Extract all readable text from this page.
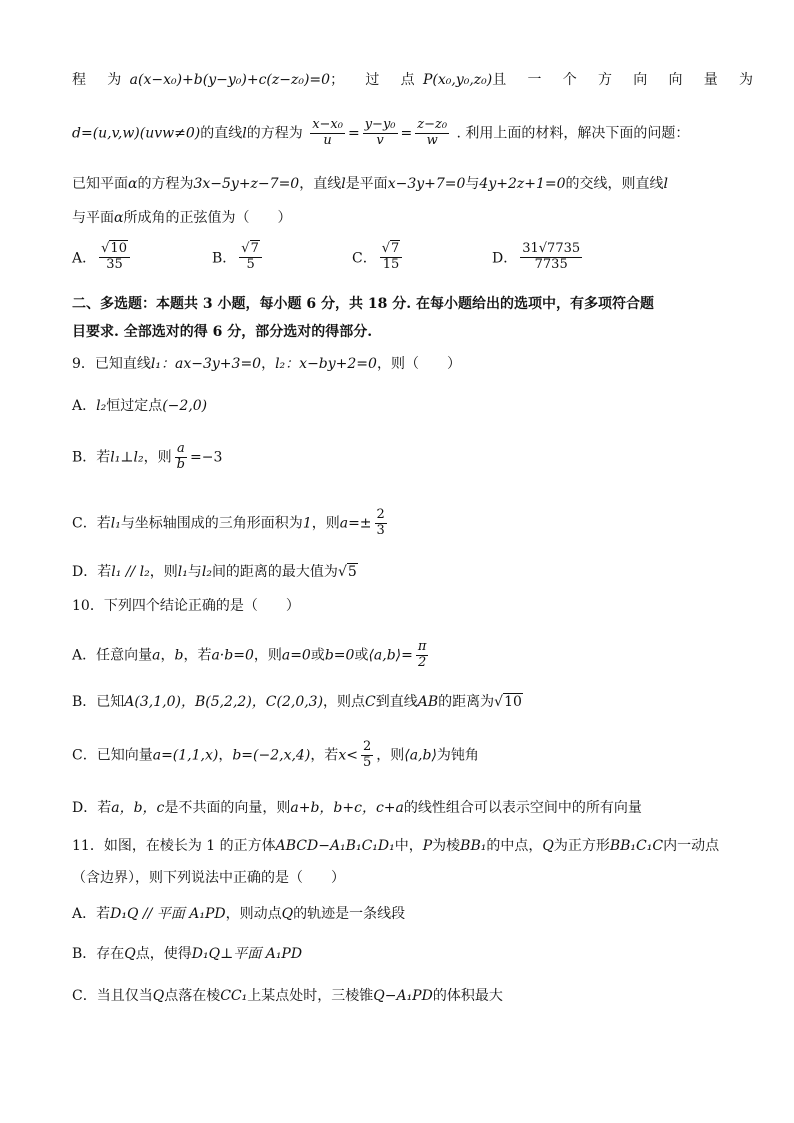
程 为 a(x−x₀)+b(y−y₀)+c(z−z₀)=0 ； 过 点 P(x₀,y₀,z₀) 且 一 个 方 向 向 量 为
d=(u,v,w)(uvw≠0)的直线l的方程为 $\frac{\text{x−x₀}}{u} = \frac{\text{y−y₀}}{v} = \frac{\text{z−z₀}}{w}$ . 利用上面的材料，解决下面的问题：
已知平面α的方程为3x−5y+z−7=0，直线l是平面x−3y+7=0与4y+2z+1=0的交线，则直线l
与平面α所成角的正弦值为（　　）
A． $\frac{√10}{35}$	B． $\frac{√7}{5}$	C． $\frac{√7}{15}$	D． $\frac{31√7735}{7735}$
二、多选题：本题共 3 小题，每小题 6 分，共 18 分. 在每小题给出的选项中，有多项符合题
目要求. 全部选对的得 6 分，部分选对的得部分.
9．已知直线l₁：ax−3y+3=0，l₂：x−by+2=0，则（　　）
A．l₂恒过定点(−2,0)
B．若l₁⊥l₂，则 $\frac{a}{b} =-3$
C．若l₁与坐标轴围成的三角形面积为1，则$a=\pm \frac{2}{3}$
D．若l₁ // l₂，则l₁与l₂间的距离的最大值为√5
10．下列四个结论正确的是（　　）
A．任意向量a，b，若a·b=0，则a=0或b=0或⟨a,b⟩= $\frac{\pi}{2}$
B．已知A(3,1,0)，B(5,2,2)，C(2,0,3)，则点C到直线AB的距离为√10
C．已知向量a=(1,1,x)，b=(−2,x,4)，若$x< \frac{2}{5}$ ，则⟨a,b⟩为钝角
D．若a，b，c是不共面的向量，则a+b，b+c，c+a的线性组合可以表示空间中的所有向量
11．如图，在棱长为 1 的正方体ABCD−A₁B₁C₁D₁中，P为棱BB₁的中点，Q为正方形BB₁C₁C内一动点
（含边界），则下列说法中正确的是（　　）
A．若D₁Q // 平面 A₁PD，则动点Q的轨迹是一条线段
B．存在Q点，使得D₁Q⊥平面 A₁PD
C．当且仅当Q点落在棱CC₁上某点处时，三棱锥Q−A₁PD的体积最大
